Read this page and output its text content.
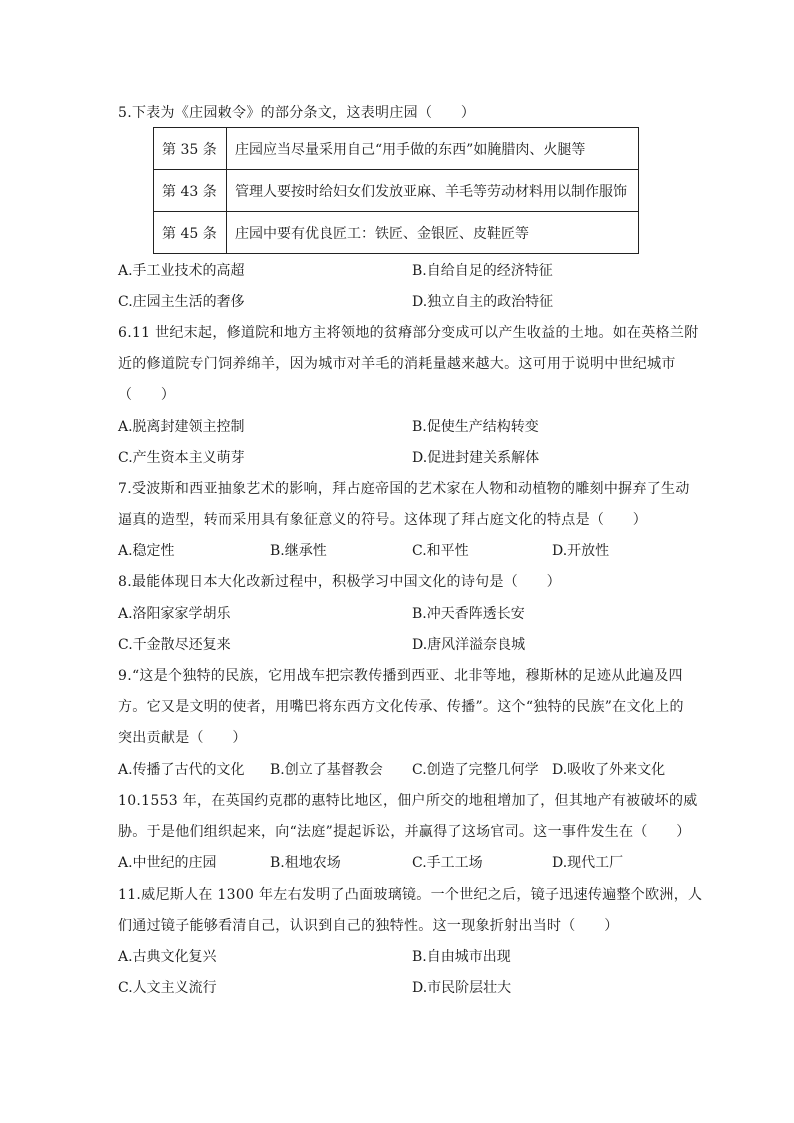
5.下表为《庄园敕令》的部分条文，这表明庄园（　　）
第 35 条	庄园应当尽量采用自己“用手做的东西”如腌腊肉、火腿等
第 43 条	管理人要按时给妇女们发放亚麻、羊毛等劳动材料用以制作服饰
第 45 条	庄园中要有优良匠工：铁匠、金银匠、皮鞋匠等
A.手工业技术的高超	B.自给自足的经济特征
C.庄园主生活的奢侈	D.独立自主的政治特征
6.11 世纪末起，修道院和地方主将领地的贫瘠部分变成可以产生收益的土地。如在英格兰附
近的修道院专门饲养绵羊，因为城市对羊毛的消耗量越来越大。这可用于说明中世纪城市
（　　）
A.脱离封建领主控制	B.促使生产结构转变
C.产生资本主义萌芽	D.促进封建关系解体
7.受波斯和西亚抽象艺术的影响，拜占庭帝国的艺术家在人物和动植物的雕刻中摒弃了生动
逼真的造型，转而采用具有象征意义的符号。这体现了拜占庭文化的特点是（　　）
A.稳定性	B.继承性	C.和平性	D.开放性
8.最能体现日本大化改新过程中，积极学习中国文化的诗句是（　　）
A.洛阳家家学胡乐	B.冲天香阵透长安
C.千金散尽还复来	D.唐风洋溢奈良城
9.“这是个独特的民族，它用战车把宗教传播到西亚、北非等地，穆斯林的足迹从此遍及四
方。它又是文明的使者，用嘴巴将东西方文化传承、传播”。这个“独特的民族”在文化上的
突出贡献是（　　）
A.传播了古代的文化 B.创立了基督教会 C.创造了完整几何学 D.吸收了外来文化
10.1553 年，在英国约克郡的惠特比地区，佃户所交的地租增加了，但其地产有被破坏的威
胁。于是他们组织起来，向“法庭”提起诉讼，并赢得了这场官司。这一事件发生在（　　）
A.中世纪的庄园	B.租地农场	C.手工工场	D.现代工厂
11.威尼斯人在 1300 年左右发明了凸面玻璃镜。一个世纪之后，镜子迅速传遍整个欧洲，人
们通过镜子能够看清自己，认识到自己的独特性。这一现象折射出当时（　　）
A.古典文化复兴	B.自由城市出现
C.人文主义流行	D.市民阶层壮大
